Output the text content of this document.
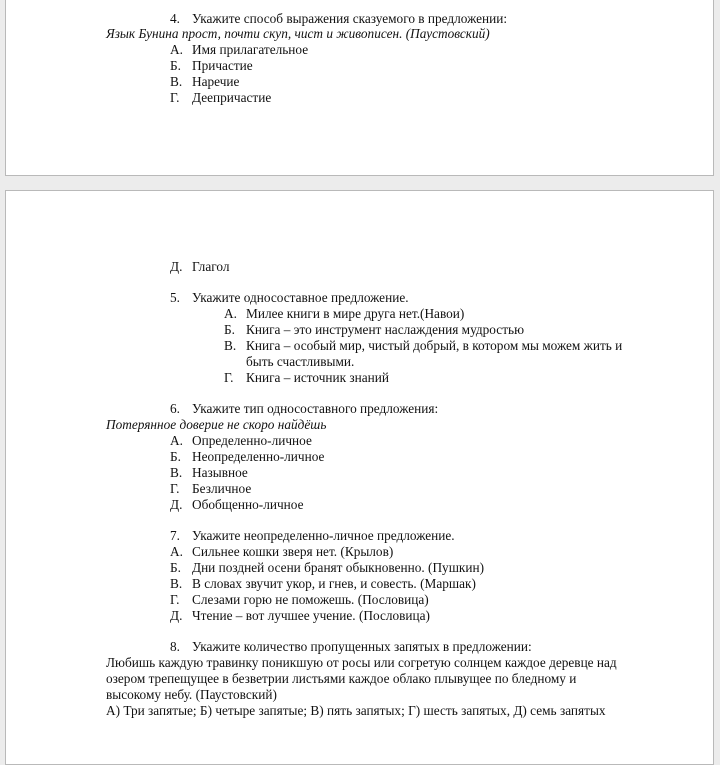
4. Укажите способ выражения сказуемого в предложении:
Язык Бунина прост, почти скуп, чист и живописен. (Паустовский)
А. Имя прилагательное
Б. Причастие
В. Наречие
Г. Деепричастие
Д. Глагол
5. Укажите односоставное предложение.
А. Милее книги в мире друга нет.(Навои)
Б. Книга – это инструмент наслаждения мудростью
В. Книга – особый мир, чистый добрый, в котором мы можем жить и
быть счастливыми.
Г. Книга – источник знаний
6. Укажите тип односоставного предложения:
Потерянное доверие не скоро найдёшь
А. Определенно-личное
Б. Неопределенно-личное
В. Назывное
Г. Безличное
Д. Обобщенно-личное
7. Укажите неопределенно-личное предложение.
А. Сильнее кошки зверя нет. (Крылов)
Б. Дни поздней осени бранят обыкновенно. (Пушкин)
В. В словах звучит укор, и гнев, и совесть. (Маршак)
Г. Слезами горю не поможешь. (Пословица)
Д. Чтение – вот лучшее учение. (Пословица)
8. Укажите количество пропущенных запятых в предложении:
Любишь каждую травинку поникшую от росы или согретую солнцем каждое деревце над
озером трепещущее в безветрии листьями каждое облако плывущее по бледному и
высокому небу. (Паустовский)
А) Три запятые; Б) четыре запятые; В) пять запятых; Г) шесть запятых, Д) семь запятых
